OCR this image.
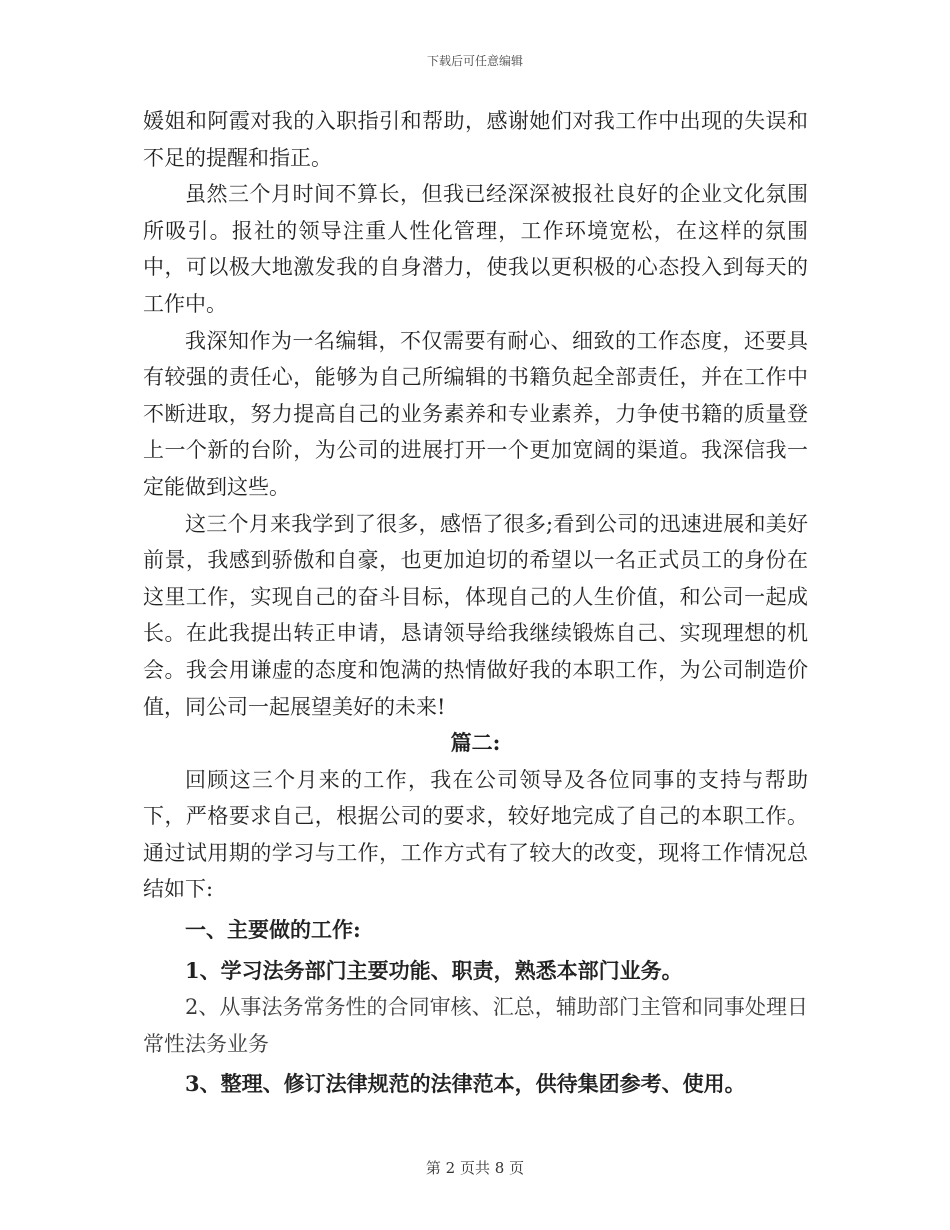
下载后可任意编辑

媛姐和阿霞对我的入职指引和帮助，感谢她们对我工作中出现的失误和不足的提醒和指正。

虽然三个月时间不算长，但我已经深深被报社良好的企业文化氛围所吸引。报社的领导注重人性化管理，工作环境宽松，在这样的氛围中，可以极大地激发我的自身潜力，使我以更积极的心态投入到每天的工作中。

我深知作为一名编辑，不仅需要有耐心、细致的工作态度，还要具有较强的责任心，能够为自己所编辑的书籍负起全部责任，并在工作中不断进取，努力提高自己的业务素养和专业素养，力争使书籍的质量登上一个新的台阶，为公司的进展打开一个更加宽阔的渠道。我深信我一定能做到这些。

这三个月来我学到了很多，感悟了很多;看到公司的迅速进展和美好前景，我感到骄傲和自豪，也更加迫切的希望以一名正式员工的身份在这里工作，实现自己的奋斗目标，体现自己的人生价值，和公司一起成长。在此我提出转正申请，恳请领导给我继续锻炼自己、实现理想的机会。我会用谦虚的态度和饱满的热情做好我的本职工作，为公司制造价值，同公司一起展望美好的未来!

篇二:

回顾这三个月来的工作，我在公司领导及各位同事的支持与帮助下，严格要求自己，根据公司的要求，较好地完成了自己的本职工作。通过试用期的学习与工作，工作方式有了较大的改变，现将工作情况总结如下:

一、主要做的工作:

1、学习法务部门主要功能、职责，熟悉本部门业务。

2、从事法务常务性的合同审核、汇总，辅助部门主管和同事处理日常性法务业务

3、整理、修订法律规范的法律范本，供待集团参考、使用。

第 2 页共 8 页
